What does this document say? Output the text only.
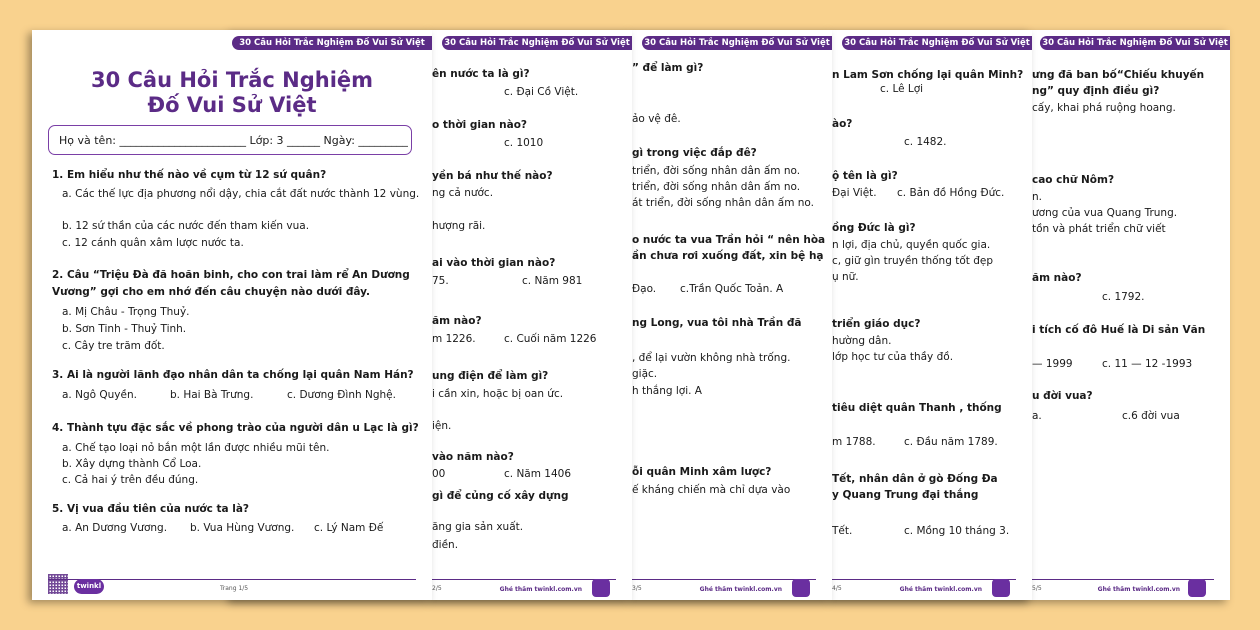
30 Câu Hỏi Trắc Nghiệm Đố Vui Sử Việt
ưng đã ban bố“Chiếu khuyến
ng” quy định điều gì?
cấy, khai phá ruộng hoang.
cao chữ Nôm?
n.
ương của vua Quang Trung.
tồn và phát triển chữ viết
ăm nào?
c. 1792.
i tích cố đô Huế là Di sản Văn
— 1999	c. 11 — 12 -1993
u đời vua?
a.	c.6 đời vua
5/5	Ghé thăm twinkl.com.vn
30 Câu Hỏi Trắc Nghiệm Đố Vui Sử Việt
n Lam Sơn chống lại quân Minh?
c. Lê Lợi
ào?
c. 1482.
ộ tên là gì?
Đại Việt.	c. Bản đồ Hồng Đức.
ồng Đức là gì?
n lợi, địa chủ, quyền quốc gia.
c, giữ gìn truyền thống tốt đẹp
ụ nữ.
triển giáo dục?
hường dân.
lớp học tư của thầy đồ.
tiêu diệt quân Thanh , thống
m 1788.	c. Đầu năm 1789.
Tết, nhân dân ở gò Đống Đa
y Quang Trung đại thắng
Tết.	c. Mồng 10 tháng 3.
4/5	Ghé thăm twinkl.com.vn
30 Câu Hỏi Trắc Nghiệm Đố Vui Sử Việt
” để làm gì?
ảo vệ đê.
gì trong việc đắp đê?
triển, đời sống nhân dân ấm no.
triển, đời sống nhân dân ấm no.
át triển, đời sống nhân dân ấm no.
o nước ta vua Trần hỏi “ nên hòa
ần chưa rơi xuống đất, xin bệ hạ
Đạo.	c.Trần Quốc Toản. A
ng Long, vua tôi nhà Trần đã
, để lại vườn không nhà trống.
giặc.
h thắng lợi. A
ỗi quân Minh xâm lược?
ế kháng chiến mà chỉ dựa vào
3/5	Ghé thăm twinkl.com.vn
30 Câu Hỏi Trắc Nghiệm Đố Vui Sử Việt
ên nước ta là gì?
c. Đại Cồ Việt.
o thời gian nào?
c. 1010
yền bá như thế nào?
ng cả nước.
hượng rãi.
ai vào thời gian nào?
75.	c. Năm 981
ăm nào?
m 1226.	c. Cuối năm 1226
ung điện để làm gì?
i cần xin, hoặc bị oan ức.
iện.
vào năm nào?
00	c. Năm 1406
gì để củng cố xây dựng
ăng gia sản xuất.
điền.
2/5	Ghé thăm twinkl.com.vn
30 Câu Hỏi Trắc Nghiệm Đố Vui Sử Việt
30 Câu Hỏi Trắc Nghiệm Đố Vui Sử Việt
Họ và tên: _______________________ Lớp: 3 ______ Ngày: _________
1. Em hiểu như thế nào về cụm từ 12 sứ quân?
a. Các thế lực địa phương nổi dậy, chia cắt đất nước thành 12 vùng.
b. 12 sứ thần của các nước đến tham kiến vua.
c. 12 cánh quân xâm lược nước ta.
2. Câu “Triệu Đà đã hoãn binh, cho con trai làm rể An Dương Vương” gợi cho em nhớ đến câu chuyện nào dưới đây.
a. Mị Châu - Trọng Thuỷ.
b. Sơn Tinh - Thuỷ Tinh.
c. Cây tre trăm đốt.
3. Ai là người lãnh đạo nhân dân ta chống lại quân Nam Hán?
a. Ngô Quyền.	b. Hai Bà Trưng.	c. Dương Đình Nghệ.
4. Thành tựu đặc sắc về phong trào của người dân u Lạc là gì?
a. Chế tạo loại nỏ bắn một lần được nhiều mũi tên.
b. Xây dựng thành Cổ Loa.
c. Cả hai ý trên đều đúng.
5. Vị vua đầu tiên của nước ta là?
a. An Dương Vương.	b. Vua Hùng Vương.	c. Lý Nam Đế
twinkl	Trang 1/5
